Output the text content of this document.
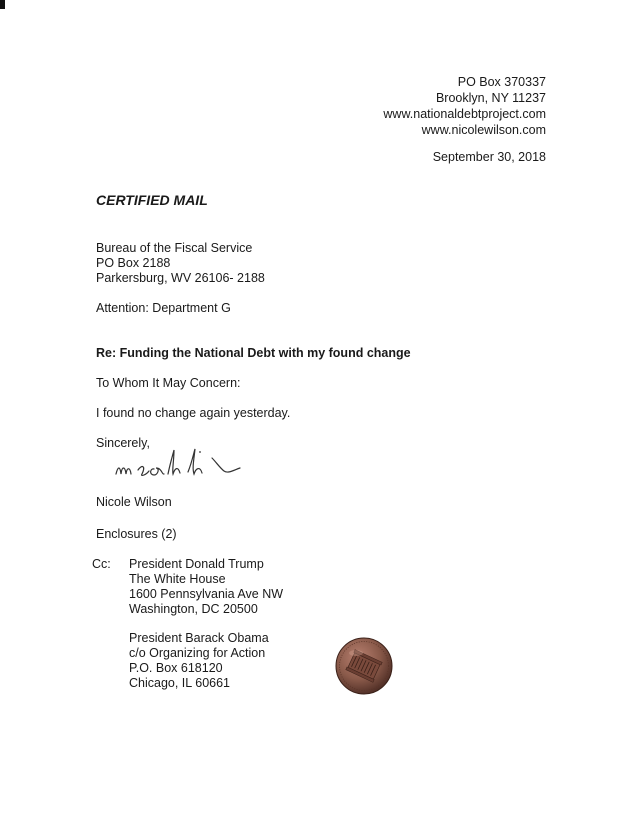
PO Box 370337
Brooklyn, NY 11237
www.nationaldebtproject.com
www.nicolewilson.com
September 30, 2018
CERTIFIED MAIL
Bureau of the Fiscal Service
PO Box 2188
Parkersburg, WV 26106- 2188
Attention: Department G
Re: Funding the National Debt with my found change
To Whom It May Concern:
I found no change again yesterday.
Sincerely,
Nicole Wilson
Enclosures (2)
Cc: President Donald Trump
The White House
1600 Pennsylvania Ave NW
Washington, DC 20500
President Barack Obama
c/o Organizing for Action
P.O. Box 618120
Chicago, IL 60661
